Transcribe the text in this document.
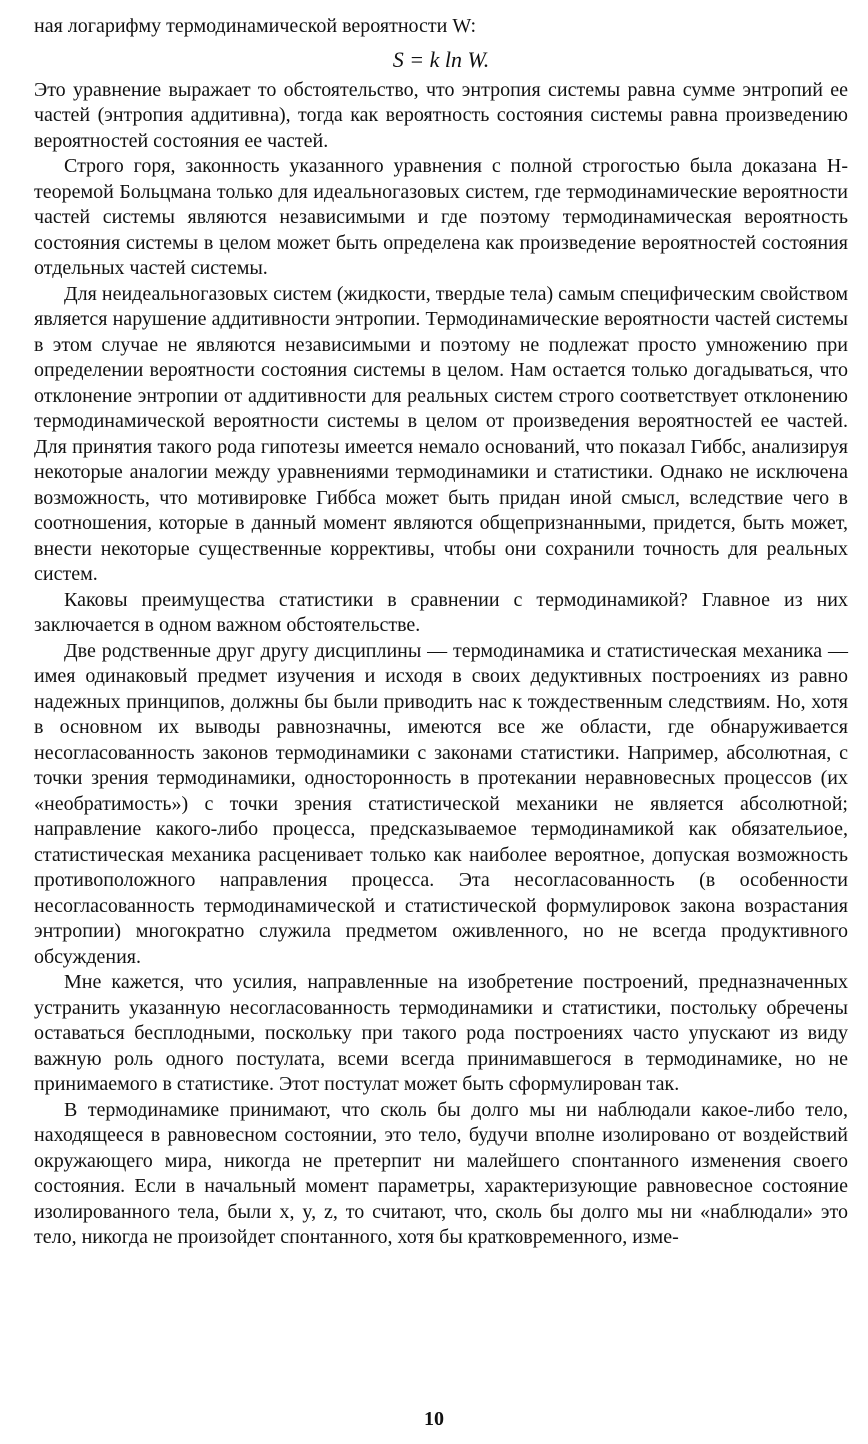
ная логарифму термодинамической вероятности W:

S = k ln W.

Это уравнение выражает то обстоятельство, что энтропия системы равна сумме энтропий ее частей (энтропия аддитивна), тогда как вероятность состояния системы равна произведению вероятностей состояния ее частей.

Строго горя, законность указанного уравнения с полной строгостью была доказана H-теоремой Больцмана только для идеальногазовых систем, где термодинамические вероятности частей системы являются независимыми и где поэтому термодинамическая вероятность состояния системы в целом может быть определена как произведение вероятностей состояния отдельных частей системы.

Для неидеальногазовых систем (жидкости, твердые тела) самым специфическим свойством является нарушение аддитивности энтропии. Термодинамические вероятности частей системы в этом случае не являются независимыми и поэтому не подлежат просто умножению при определении вероятности состояния системы в целом. Нам остается только догадываться, что отклонение энтропии от аддитивности для реальных систем строго соответствует отклонению термодинамической вероятности системы в целом от произведения вероятностей ее частей. Для принятия такого рода гипотезы имеется немало оснований, что показал Гиббс, анализируя некоторые аналогии между уравнениями термодинамики и статистики. Однако не исключена возможность, что мотивировке Гиббса может быть придан иной смысл, вследствие чего в соотношения, которые в данный момент являются общепризнанными, придется, быть может, внести некоторые существенные коррективы, чтобы они сохранили точность для реальных систем.

Каковы преимущества статистики в сравнении с термодинамикой? Главное из них заключается в одном важном обстоятельстве.

Две родственные друг другу дисциплины — термодинамика и статистическая механика — имея одинаковый предмет изучения и исходя в своих дедуктивных построениях из равно надежных принципов, должны бы были приводить нас к тождественным следствиям. Но, хотя в основном их выводы равнозначны, имеются все же области, где обнаруживается несогласованность законов термодинамики с законами статистики. Например, абсолютная, с точки зрения термодинамики, односторонность в протекании неравновесных процессов (их «необратимость») с точки зрения статистической механики не является абсолютной; направление какого-либо процесса, предсказываемое термодинамикой как обязательиое, статистическая механика расценивает только как наиболее вероятное, допуская возможность противоположного направления процесса. Эта несогласованность (в особенности несогласованность термодинамической и статистической формулировок закона возрастания энтропии) многократно служила предметом оживленного, но не всегда продуктивного обсуждения.

Мне кажется, что усилия, направленные на изобретение построений, предназначенных устранить указанную несогласованность термодинамики и статистики, постольку обречены оставаться бесплодными, поскольку при такого рода построениях часто упускают из виду важную роль одного постулата, всеми всегда принимавшегося в термодинамике, но не принимаемого в статистике. Этот постулат может быть сформулирован так.

В термодинамике принимают, что сколь бы долго мы ни наблюдали какое-либо тело, находящееся в равновесном состоянии, это тело, будучи вполне изолировано от воздействий окружающего мира, никогда не претерпит ни малейшего спонтанного изменения своего состояния. Если в начальный момент параметры, характеризующие равновесное состояние изолированного тела, были x, y, z, то считают, что, сколь бы долго мы ни «наблюдали» это тело, никогда не произойдет спонтанного, хотя бы кратковременного, изме-

10
